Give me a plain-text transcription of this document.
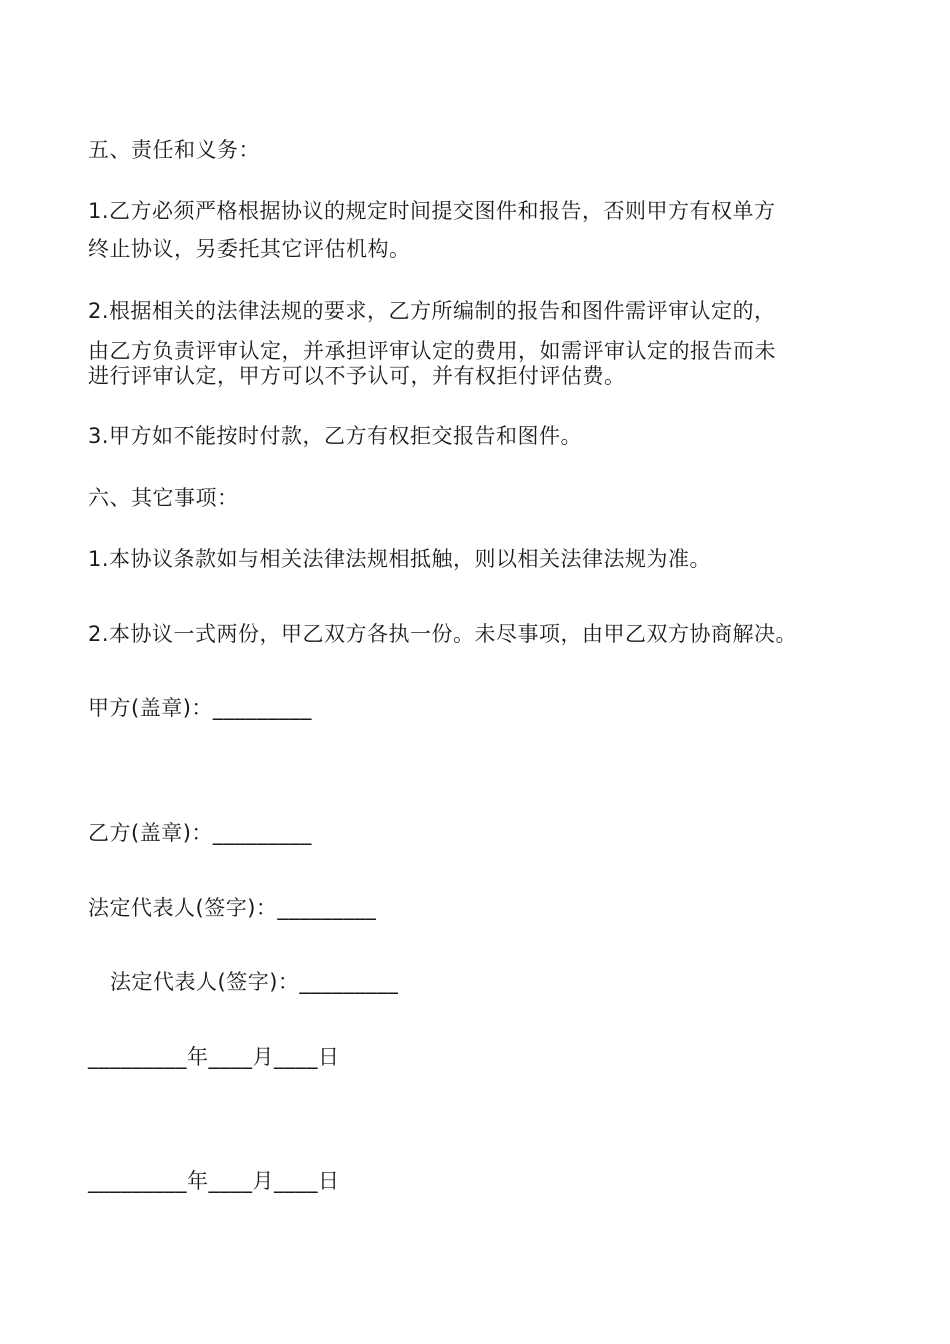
五、责任和义务：
1.乙方必须严格根据协议的规定时间提交图件和报告，否则甲方有权单方
终止协议，另委托其它评估机构。
2.根据相关的法律法规的要求，乙方所编制的报告和图件需评审认定的，
由乙方负责评审认定，并承担评审认定的费用，如需评审认定的报告而未
进行评审认定，甲方可以不予认可，并有权拒付评估费。
3.甲方如不能按时付款，乙方有权拒交报告和图件。
六、其它事项：
1.本协议条款如与相关法律法规相抵触，则以相关法律法规为准。
2.本协议一式两份，甲乙双方各执一份。未尽事项，由甲乙双方协商解决。
甲方(盖章)：_________
乙方(盖章)：_________
法定代表人(签字)：_________
法定代表人(签字)：_________
_________年____月____日
_________年____月____日
